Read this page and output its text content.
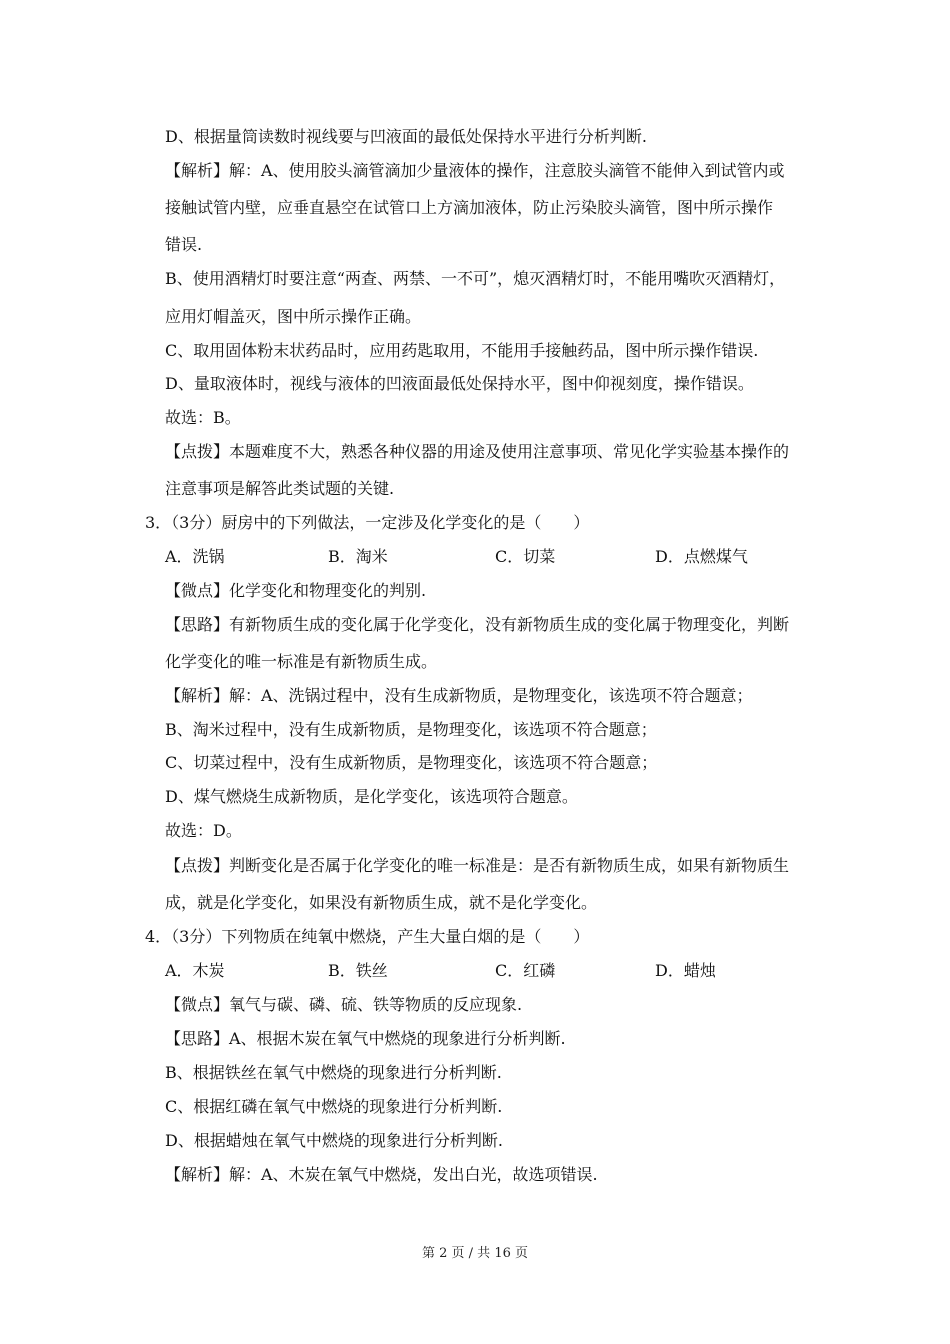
D、根据量筒读数时视线要与凹液面的最低处保持水平进行分析判断.
【解析】解：A、使用胶头滴管滴加少量液体的操作，注意胶头滴管不能伸入到试管内或
接触试管内壁，应垂直悬空在试管口上方滴加液体，防止污染胶头滴管，图中所示操作
错误.
B、使用酒精灯时要注意“两查、两禁、一不可”，熄灭酒精灯时，不能用嘴吹灭酒精灯，
应用灯帽盖灭，图中所示操作正确。
C、取用固体粉末状药品时，应用药匙取用，不能用手接触药品，图中所示操作错误.
D、量取液体时，视线与液体的凹液面最低处保持水平，图中仰视刻度，操作错误。
故选：B。
【点拨】本题难度不大，熟悉各种仪器的用途及使用注意事项、常见化学实验基本操作的
注意事项是解答此类试题的关键.
3．（3分）厨房中的下列做法，一定涉及化学变化的是（　　）
A．洗锅	B．淘米	C．切菜	D．点燃煤气
【微点】化学变化和物理变化的判别.
【思路】有新物质生成的变化属于化学变化，没有新物质生成的变化属于物理变化，判断
化学变化的唯一标准是有新物质生成。
【解析】解：A、洗锅过程中，没有生成新物质，是物理变化，该选项不符合题意；
B、淘米过程中，没有生成新物质，是物理变化，该选项不符合题意；
C、切菜过程中，没有生成新物质，是物理变化，该选项不符合题意；
D、煤气燃烧生成新物质，是化学变化，该选项符合题意。
故选：D。
【点拨】判断变化是否属于化学变化的唯一标准是：是否有新物质生成，如果有新物质生
成，就是化学变化，如果没有新物质生成，就不是化学变化。
4．（3分）下列物质在纯氧中燃烧，产生大量白烟的是（　　）
A．木炭	B．铁丝	C．红磷	D．蜡烛
【微点】氧气与碳、磷、硫、铁等物质的反应现象.
【思路】A、根据木炭在氧气中燃烧的现象进行分析判断.
B、根据铁丝在氧气中燃烧的现象进行分析判断.
C、根据红磷在氧气中燃烧的现象进行分析判断.
D、根据蜡烛在氧气中燃烧的现象进行分析判断.
【解析】解：A、木炭在氧气中燃烧，发出白光，故选项错误.
第 2 页 / 共 16 页
